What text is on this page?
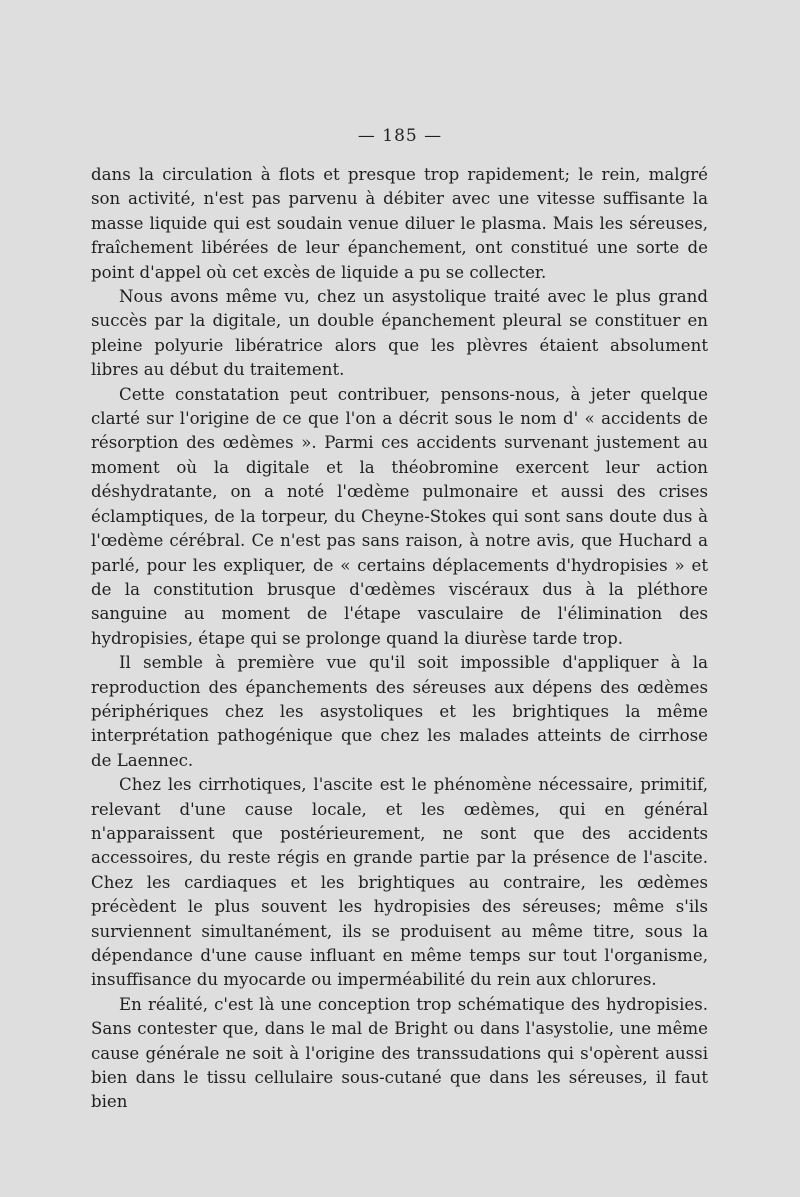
— 185 —

dans la circulation à flots et presque trop rapidement; le rein, malgré son activité, n'est pas parvenu à débiter avec une vitesse suffisante la masse liquide qui est soudain venue diluer le plasma. Mais les séreuses, fraîchement libérées de leur épanchement, ont constitué une sorte de point d'appel où cet excès de liquide a pu se collecter.

Nous avons même vu, chez un asystolique traité avec le plus grand succès par la digitale, un double épanchement pleural se constituer en pleine polyurie libératrice alors que les plèvres étaient absolument libres au début du traitement.

Cette constatation peut contribuer, pensons-nous, à jeter quelque clarté sur l'origine de ce que l'on a décrit sous le nom d' « accidents de résorption des œdèmes ». Parmi ces accidents survenant justement au moment où la digitale et la théobromine exercent leur action déshydratante, on a noté l'œdème pulmonaire et aussi des crises éclamptiques, de la torpeur, du Cheyne-Stokes qui sont sans doute dus à l'œdème cérébral. Ce n'est pas sans raison, à notre avis, que Huchard a parlé, pour les expliquer, de « certains déplacements d'hydropisies » et de la constitution brusque d'œdèmes viscéraux dus à la pléthore sanguine au moment de l'étape vasculaire de l'élimination des hydropisies, étape qui se prolonge quand la diurèse tarde trop.

Il semble à première vue qu'il soit impossible d'appliquer à la reproduction des épanchements des séreuses aux dépens des œdèmes périphériques chez les asystoliques et les brightiques la même interprétation pathogénique que chez les malades atteints de cirrhose de Laennec.

Chez les cirrhotiques, l'ascite est le phénomène nécessaire, primitif, relevant d'une cause locale, et les œdèmes, qui en général n'apparaissent que postérieurement, ne sont que des accidents accessoires, du reste régis en grande partie par la présence de l'ascite. Chez les cardiaques et les brightiques au contraire, les œdèmes précèdent le plus souvent les hydropisies des séreuses; même s'ils surviennent simultanément, ils se produisent au même titre, sous la dépendance d'une cause influant en même temps sur tout l'organisme, insuffisance du myocarde ou imperméabilité du rein aux chlorures.

En réalité, c'est là une conception trop schématique des hydropisies. Sans contester que, dans le mal de Bright ou dans l'asystolie, une même cause générale ne soit à l'origine des transsudations qui s'opèrent aussi bien dans le tissu cellulaire sous-cutané que dans les séreuses, il faut bien
